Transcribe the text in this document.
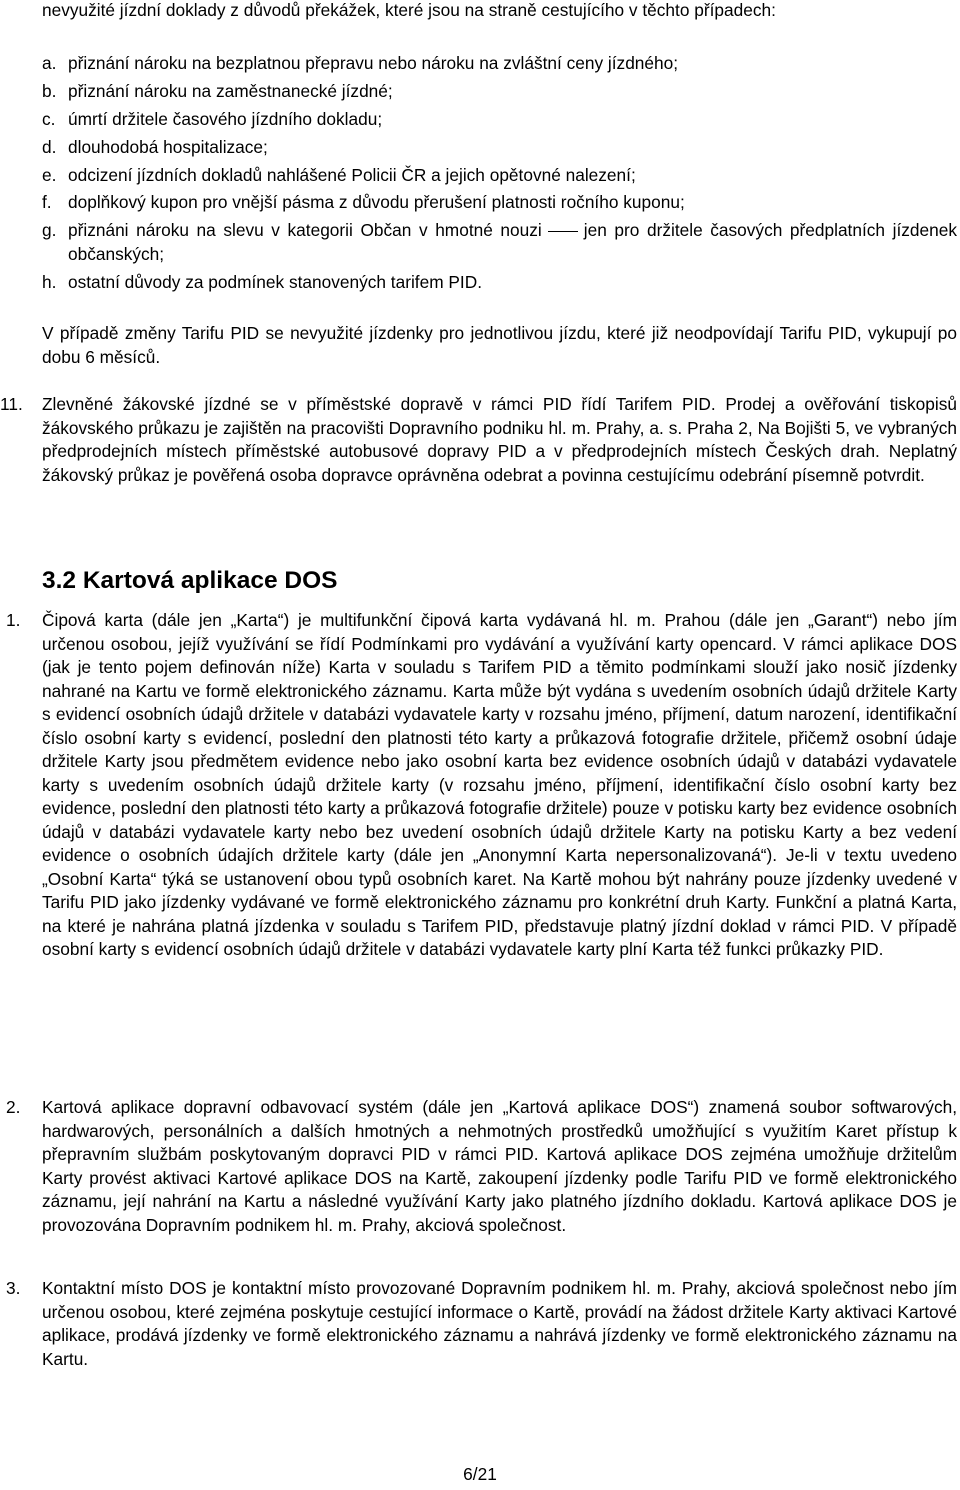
nevyužité jízdní doklady z důvodů překážek, které jsou na straně cestujícího v těchto případech:

a. přiznání nároku na bezplatnou přepravu nebo nároku na zvláštní ceny jízdného;
b. přiznání nároku na zaměstnanecké jízdné;
c. úmrtí držitele časového jízdního dokladu;
d. dlouhodobá hospitalizace;
e. odcizení jízdních dokladů nahlášené Policii ČR a jejich opětovné nalezení;
f. doplňkový kupon pro vnější pásma z důvodu přerušení platnosti ročního kuponu;
g. přiznáni nároku na slevu v kategorii Občan v hmotné nouzi jen pro držitele časových předplatních jízdenek občanských;
h. ostatní důvody za podmínek stanovených tarifem PID.

V případě změny Tarifu PID se nevyužité jízdenky pro jednotlivou jízdu, které již neodpovídají Tarifu PID, vykupují po dobu 6 měsíců.

11.	Zlevněné žákovské jízdné se v příměstské dopravě v rámci PID řídí Tarifem PID. Prodej a ověřování tiskopisů žákovského průkazu je zajištěn na pracovišti Dopravního podniku hl. m. Prahy, a. s. Praha 2, Na Bojišti 5, ve vybraných předprodejních místech příměstské autobusové dopravy PID a v předprodejních místech Českých drah. Neplatný žákovský průkaz je pověřená osoba dopravce oprávněna odebrat a povinna cestujícímu odebrání písemně potvrdit.
3.2 Kartová aplikace DOS
1.	Čipová karta (dále jen „Karta“) je multifunkční čipová karta vydávaná hl. m. Prahou (dále jen „Garant“) nebo jím určenou osobou, jejíž využívání se řídí Podmínkami pro vydávání a využívání karty opencard. V rámci aplikace DOS (jak je tento pojem definován níže) Karta v souladu s Tarifem PID a těmito podmínkami slouží jako nosič jízdenky nahrané na Kartu ve formě elektronického záznamu. Karta může být vydána s uvedením osobních údajů držitele Karty s evidencí osobních údajů držitele v databázi vydavatele karty v rozsahu jméno, příjmení, datum narození, identifikační číslo osobní karty s evidencí, poslední den platnosti této karty a průkazová fotografie držitele, přičemž osobní údaje držitele Karty jsou předmětem evidence nebo jako osobní karta bez evidence osobních údajů v databázi vydavatele karty s uvedením osobních údajů držitele karty (v rozsahu jméno, příjmení, identifikační číslo osobní karty bez evidence, poslední den platnosti této karty a průkazová fotografie držitele) pouze v potisku karty bez evidence osobních údajů v databázi vydavatele karty nebo bez uvedení osobních údajů držitele Karty na potisku Karty a bez vedení evidence o osobních údajích držitele karty (dále jen „Anonymní Karta nepersonalizovaná“). Je-li v textu uvedeno „Osobní Karta“ týká se ustanovení obou typů osobních karet. Na Kartě mohou být nahrány pouze jízdenky uvedené v Tarifu PID jako jízdenky vydávané ve formě elektronického záznamu pro konkrétní druh Karty. Funkční a platná Karta, na které je nahrána platná jízdenka v souladu s Tarifem PID, představuje platný jízdní doklad v rámci PID. V případě osobní karty s evidencí osobních údajů držitele v databázi vydavatele karty plní Karta též funkci průkazky PID.
2.	Kartová aplikace dopravní odbavovací systém (dále jen „Kartová aplikace DOS“) znamená soubor softwarových, hardwarových, personálních a dalších hmotných a nehmotných prostředků umožňující s využitím Karet přístup k přepravním službám poskytovaným dopravci PID v rámci PID. Kartová aplikace DOS zejména umožňuje držitelům Karty provést aktivaci Kartové aplikace DOS na Kartě, zakoupení jízdenky podle Tarifu PID ve formě elektronického záznamu, její nahrání na Kartu a následné využívání Karty jako platného jízdního dokladu. Kartová aplikace DOS je provozována Dopravním podnikem hl. m. Prahy, akciová společnost.
3.	Kontaktní místo DOS je kontaktní místo provozované Dopravním podnikem hl. m. Prahy, akciová společnost nebo jím určenou osobou, které zejména poskytuje cestující informace o Kartě, provádí na žádost držitele Karty aktivaci Kartové aplikace, prodává jízdenky ve formě elektronického záznamu a nahrává jízdenky ve formě elektronického záznamu na Kartu.
6/21
